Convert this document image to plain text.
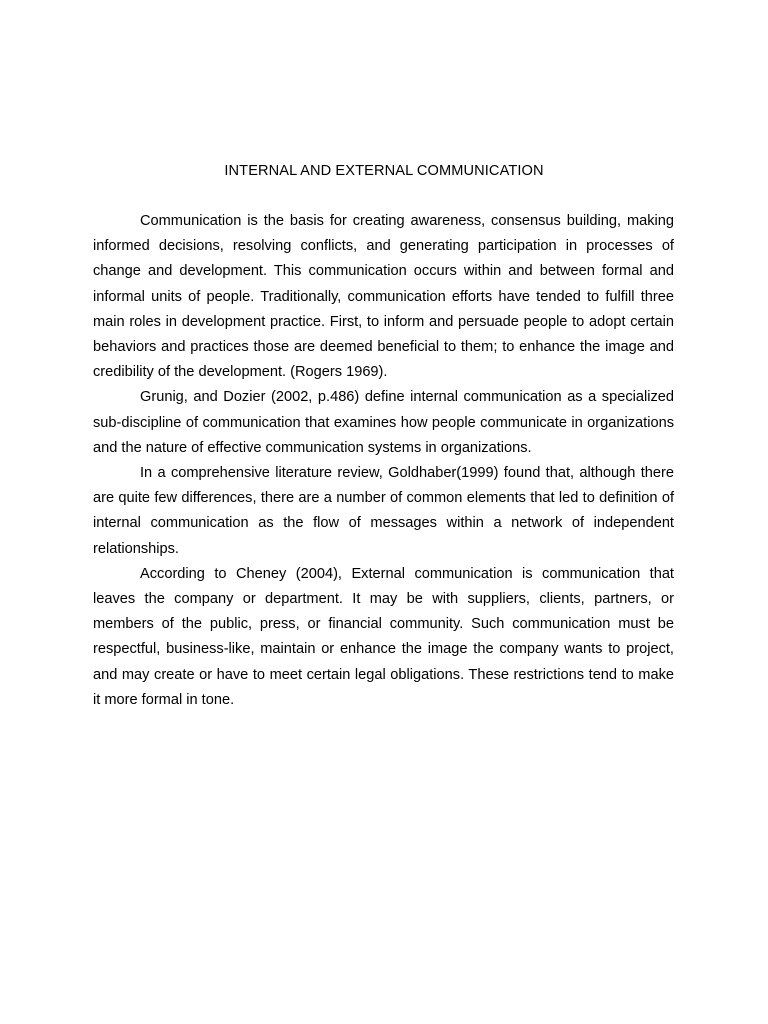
INTERNAL AND EXTERNAL COMMUNICATION

Communication is the basis for creating awareness, consensus building, making informed decisions, resolving conflicts, and generating participation in processes of change and development. This communication occurs within and between formal and informal units of people. Traditionally, communication efforts have tended to fulfill three main roles in development practice. First, to inform and persuade people to adopt certain behaviors and practices those are deemed beneficial to them; to enhance the image and credibility of the development. (Rogers 1969).

Grunig, and Dozier (2002, p.486) define internal communication as a specialized sub-discipline of communication that examines how people communicate in organizations and the nature of effective communication systems in organizations.

In a comprehensive literature review, Goldhaber(1999) found that, although there are quite few differences, there are a number of common elements that led to definition of internal communication as the flow of messages within a network of independent relationships.

According to Cheney (2004), External communication is communication that leaves the company or department. It may be with suppliers, clients, partners, or members of the public, press, or financial community. Such communication must be respectful, business-like, maintain or enhance the image the company wants to project, and may create or have to meet certain legal obligations. These restrictions tend to make it more formal in tone.
